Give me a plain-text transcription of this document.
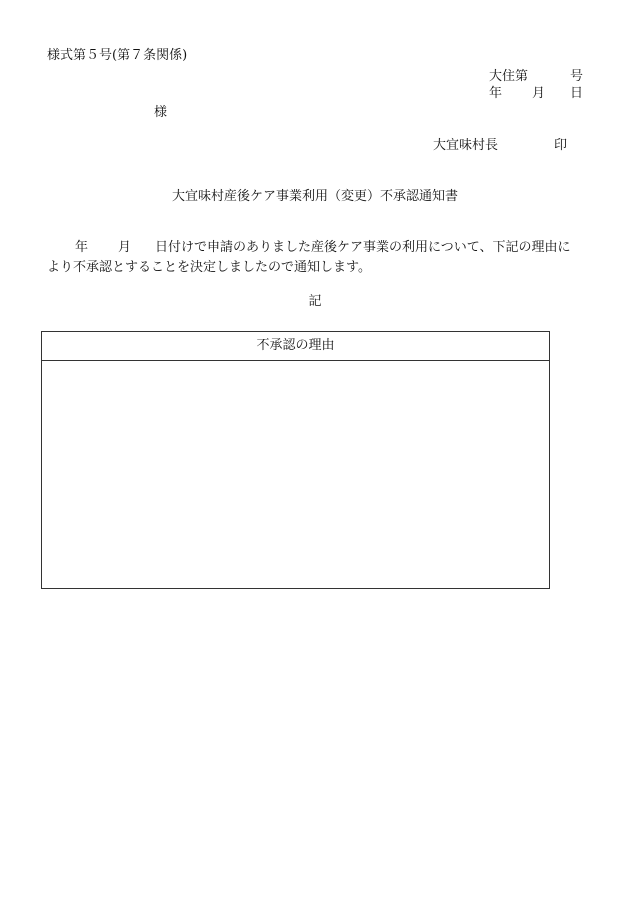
様式第５号(第７条関係)
大住第	号
年 月 日
様
大宜味村長	印
大宜味村産後ケア事業利用（変更）不承認通知書
年 月 日付けで申請のありました産後ケア事業の利用について、下記の理由に
より不承認とすることを決定しましたので通知します。
記
不承認の理由
